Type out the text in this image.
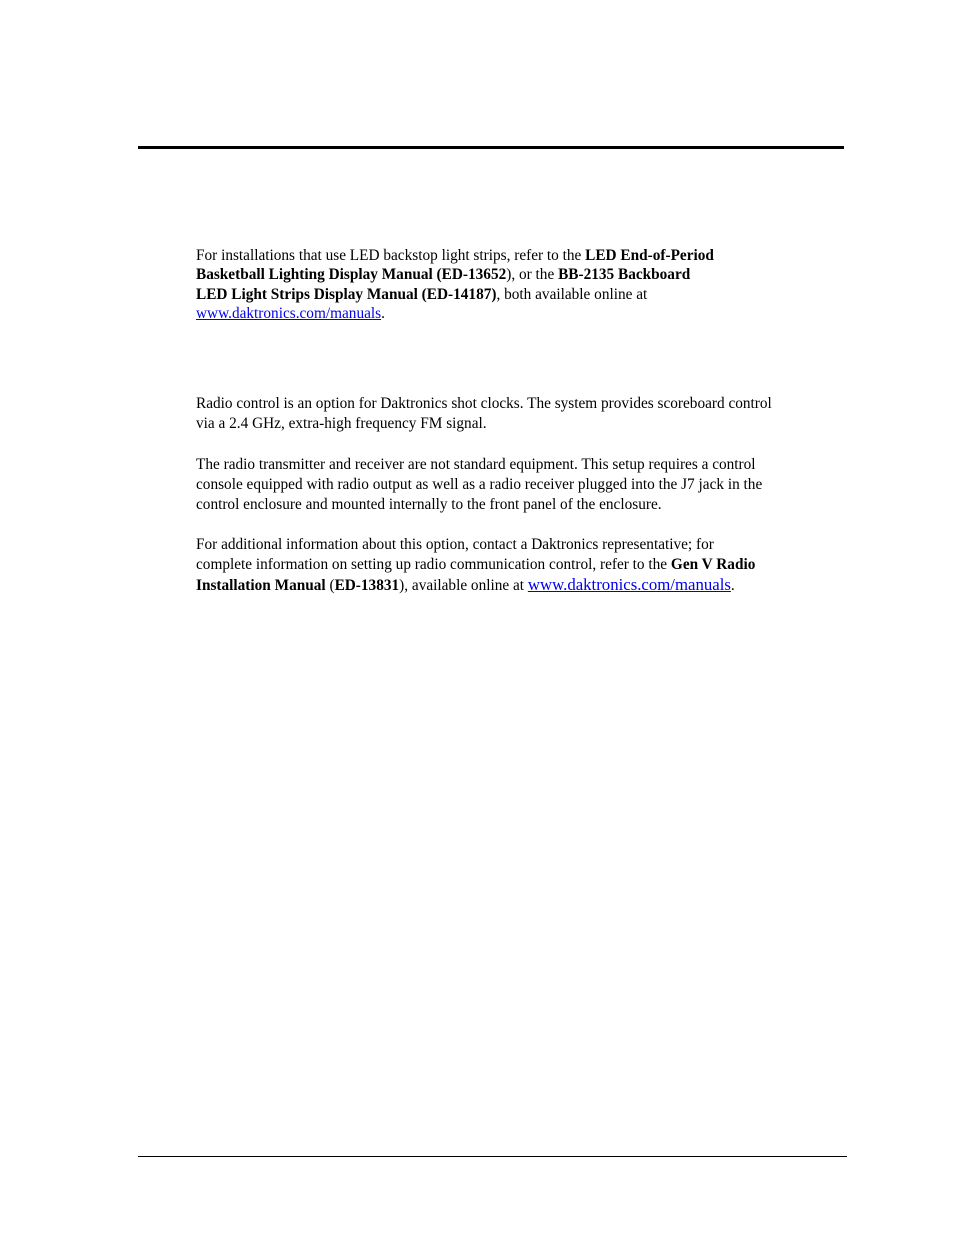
For installations that use LED backstop light strips, refer to the LED End-of-Period
Basketball Lighting Display Manual (ED-13652), or the BB-2135 Backboard
LED Light Strips Display Manual (ED-14187), both available online at
www.daktronics.com/manuals.

Radio control is an option for Daktronics shot clocks. The system provides scoreboard control
via a 2.4 GHz, extra-high frequency FM signal.

The radio transmitter and receiver are not standard equipment. This setup requires a control
console equipped with radio output as well as a radio receiver plugged into the J7 jack in the
control enclosure and mounted internally to the front panel of the enclosure.

For additional information about this option, contact a Daktronics representative; for
complete information on setting up radio communication control, refer to the Gen V Radio
Installation Manual (ED-13831), available online at www.daktronics.com/manuals.
